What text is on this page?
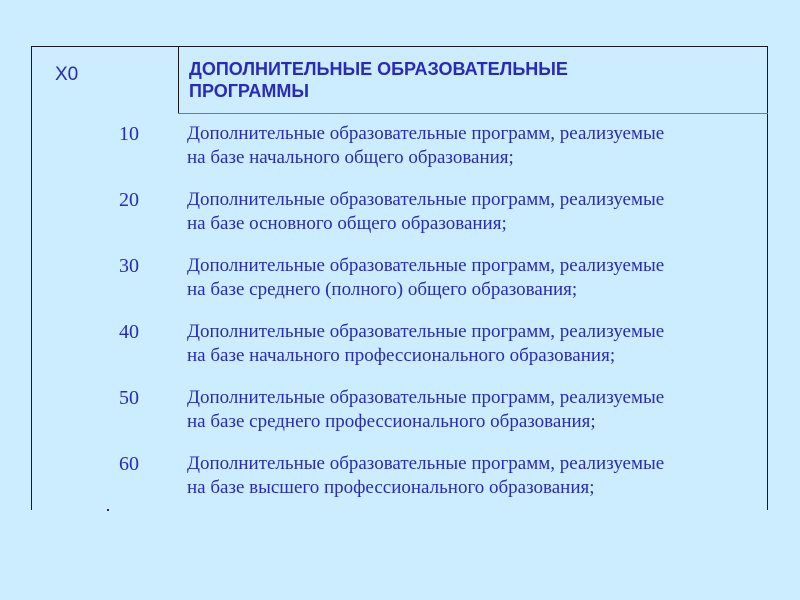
Х0	ДОПОЛНИТЕЛЬНЫЕ ОБРАЗОВАТЕЛЬНЫЕ
ПРОГРАММЫ
10	Дополнительные образовательные программ, реализуемые
на базе начального общего образования;
20	Дополнительные образовательные программ, реализуемые
на базе основного общего образования;
30	Дополнительные образовательные программ, реализуемые
на базе среднего (полного) общего образования;
40	Дополнительные образовательные программ, реализуемые
на базе начального профессионального образования;
50	Дополнительные образовательные программ, реализуемые
на базе среднего профессионального образования;
60	Дополнительные образовательные программ, реализуемые
на базе высшего профессионального образования;
